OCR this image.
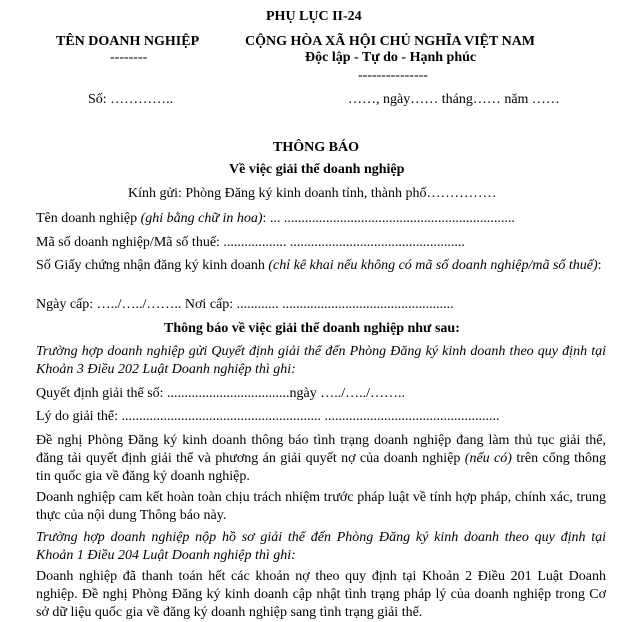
PHỤ LỤC II-24
TÊN DOANH NGHIỆP
--------
CỘNG HÒA XÃ HỘI CHỦ NGHĨA VIỆT NAM
Độc lập - Tự do - Hạnh phúc
---------------
Số: …………..	……, ngày…… tháng…… năm ……
THÔNG BÁO
Về việc giải thể doanh nghiệp
Kính gửi: Phòng Đăng ký kinh doanh tỉnh, thành phố……………
Tên doanh nghiệp (ghi bằng chữ in hoa): ... ..................................................................
Mã số doanh nghiệp/Mã số thuế: .................. ..................................................
Số Giấy chứng nhận đăng ký kinh doanh (chỉ kê khai nếu không có mã số doanh nghiệp/mã số thuế):
Ngày cấp: …../…../…….. Nơi cấp: ............ .................................................
Thông báo về việc giải thể doanh nghiệp như sau:
Trường hợp doanh nghiệp gửi Quyết định giải thể đến Phòng Đăng ký kinh doanh theo quy định tại Khoản 3 Điều 202 Luật Doanh nghiệp thì ghi:
Quyết định giải thể số: ...................................ngày …../…../……..
Lý do giải thể: ......................................................... ..................................................
Đề nghị Phòng Đăng ký kinh doanh thông báo tình trạng doanh nghiệp đang làm thủ tục giải thể, đăng tải quyết định giải thể và phương án giải quyết nợ của doanh nghiệp (nếu có) trên cổng thông tin quốc gia về đăng ký doanh nghiệp.
Doanh nghiệp cam kết hoàn toàn chịu trách nhiệm trước pháp luật về tính hợp pháp, chính xác, trung thực của nội dung Thông báo này.
Trường hợp doanh nghiệp nộp hồ sơ giải thể đến Phòng Đăng ký kinh doanh theo quy định tại Khoản 1 Điều 204 Luật Doanh nghiệp thì ghi:
Doanh nghiệp đã thanh toán hết các khoản nợ theo quy định tại Khoản 2 Điều 201 Luật Doanh nghiệp. Đề nghị Phòng Đăng ký kinh doanh cập nhật tình trạng pháp lý của doanh nghiệp trong Cơ sở dữ liệu quốc gia về đăng ký doanh nghiệp sang tình trạng giải thể.
